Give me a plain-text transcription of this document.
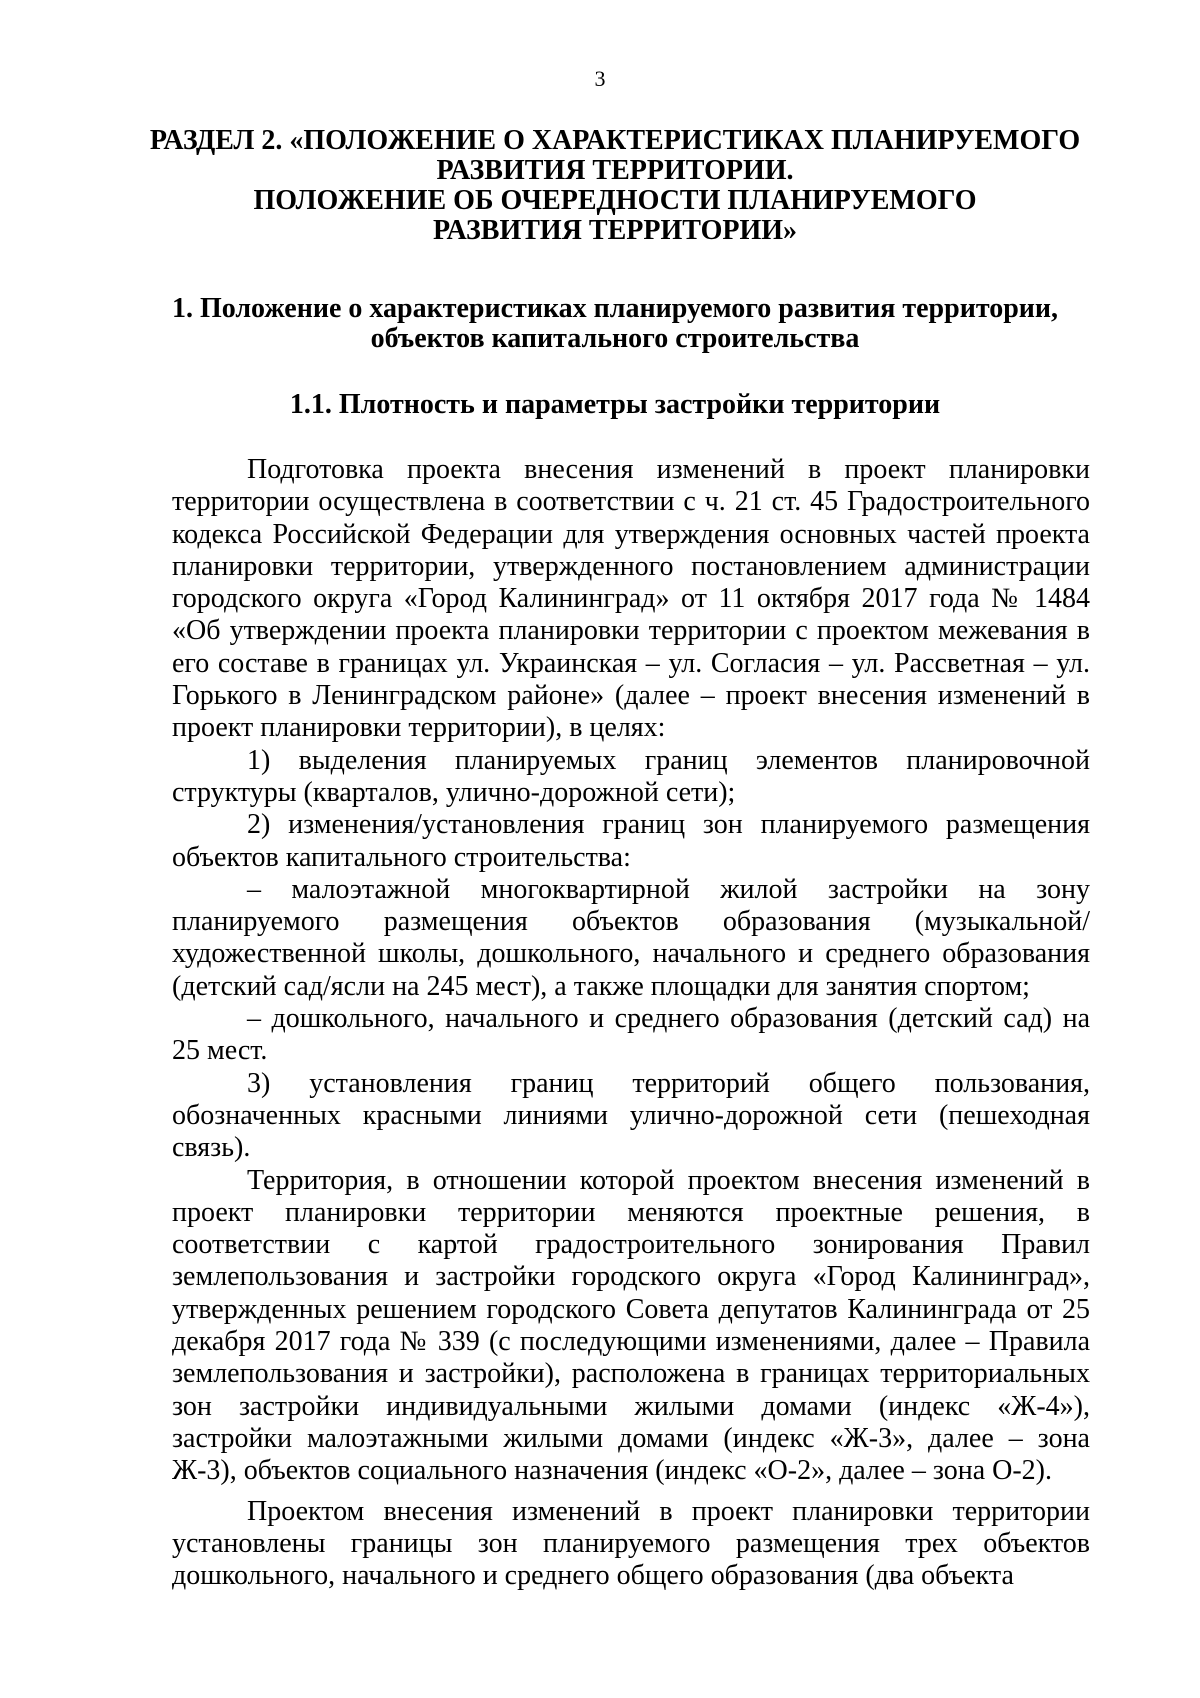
3
РАЗДЕЛ 2. «ПОЛОЖЕНИЕ О ХАРАКТЕРИСТИКАХ ПЛАНИРУЕМОГО
РАЗВИТИЯ ТЕРРИТОРИИ.
ПОЛОЖЕНИЕ ОБ ОЧЕРЕДНОСТИ ПЛАНИРУЕМОГО
РАЗВИТИЯ ТЕРРИТОРИИ»
1. Положение о характеристиках планируемого развития территории,
объектов капитального строительства
1.1. Плотность и параметры застройки территории

Подготовка проекта внесения изменений в проект планировки территории осуществлена в соответствии с ч. 21 ст. 45 Градостроительного кодекса Российской Федерации для утверждения основных частей проекта планировки территории, утвержденного постановлением администрации городского округа «Город Калининград» от 11 октября 2017 года № 1484 «Об утверждении проекта планировки территории с проектом межевания в его составе в границах ул. Украинская – ул. Согласия – ул. Рассветная – ул. Горького в Ленинградском районе» (далее – проект внесения изменений в проект планировки территории), в целях:

1) выделения планируемых границ элементов планировочной структуры (кварталов, улично-дорожной сети);

2) изменения/установления границ зон планируемого размещения объектов капитального строительства:

– малоэтажной многоквартирной жилой застройки на зону планируемого размещения объектов образования (музыкальной/художественной школы, дошкольного, начального и среднего образования (детский сад/ясли на 245 мест), а также площадки для занятия спортом;

– дошкольного, начального и среднего образования (детский сад) на 25 мест.

3) установления границ территорий общего пользования, обозначенных красными линиями улично-дорожной сети (пешеходная связь).

Территория, в отношении которой проектом внесения изменений в проект планировки территории меняются проектные решения, в соответствии с картой градостроительного зонирования Правил землепользования и застройки городского округа «Город Калининград», утвержденных решением городского Совета депутатов Калининграда от 25 декабря 2017 года № 339 (с последующими изменениями, далее – Правила землепользования и застройки), расположена в границах территориальных зон застройки индивидуальными жилыми домами (индекс «Ж-4»), застройки малоэтажными жилыми домами (индекс «Ж-3», далее – зона Ж-3), объектов социального назначения (индекс «О-2», далее – зона О-2).

Проектом внесения изменений в проект планировки территории установлены границы зон планируемого размещения трех объектов дошкольного, начального и среднего общего образования (два объекта
